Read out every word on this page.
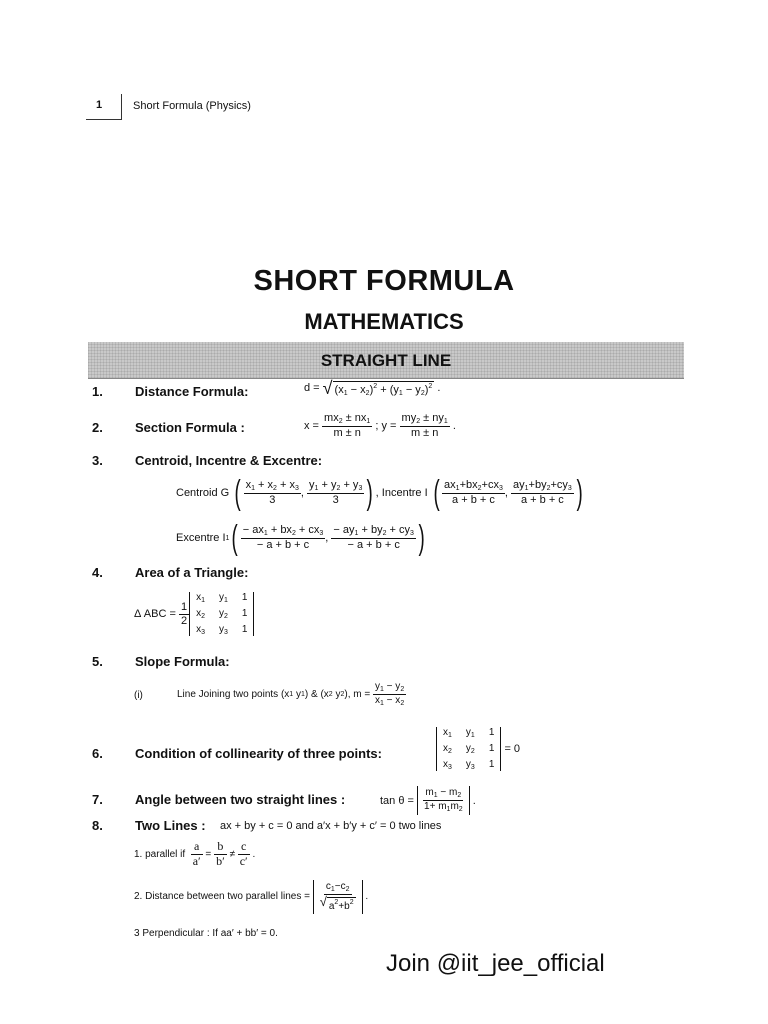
1	Short Formula (Physics)
SHORT FORMULA
MATHEMATICS
STRAIGHT LINE
1. Distance Formula:	d = √ $(x_1 - x_2)^2 + (y_1 - y_2)^2$ .
2. Section Formula :	$x = \frac{mx_2 \pm nx_1}{m \pm n}$ ; $y = \frac{my_2 \pm ny_1}{m \pm n}$ .
3. Centroid, Incentre & Excentre:
Centroid G
( $\frac{x_1 + x_2 + x_3}{3}$ , $\frac{y_1 + y_2 + y_3}{3}$ ) , Incentre I
( $\frac{ax_1+bx_2+cx_3}{a + b + c}$ , $\frac{ay_1+by_2+cy_3}{a + b + c}$ )
Excentre I 1 ( $\frac{- ax_1 + bx_2 + cx_3}{- a + b + c}$ , $\frac{- ay_1 + by_2 + cy_3}{- a + b + c}$ )
4. Area of a Triangle:
Δ ABC =
$\frac{1}{2}$
$x_1$ $y_1$ 1
$x_2$ $y_2$ 1
$x_3$ $y_3$ 1
5. Slope Formula:
(i)	Line Joining two points (x 1 y 1 ) & (x 2 y 2 ), $m = \frac{y_1 - y_2}{x_1 - x_2}$
6. Condition of collinearity of three points:
$x_1$ $y_1$ 1
$x_2$ $y_2$ 1
$x_3$ $y_3$ 1

= 0
7. Angle between two straight lines :	tan θ =
$\frac{m_1 - m_2}{1+ m_1m_2}$ .
8. Two Lines : ax + by + c = 0 and a′x + b′y + c′ = 0 two lines
1. parallel if
$\frac{a}{a'} = \frac{b}{b'} \ne \frac{c}{c'}$ .
2. Distance between two parallel lines =
$\frac{c_1-c_2}{√ a^2+b^2}$ .
3 Perpendicular : If aa′ + bb′ = 0.
Join @iit_jee_official
